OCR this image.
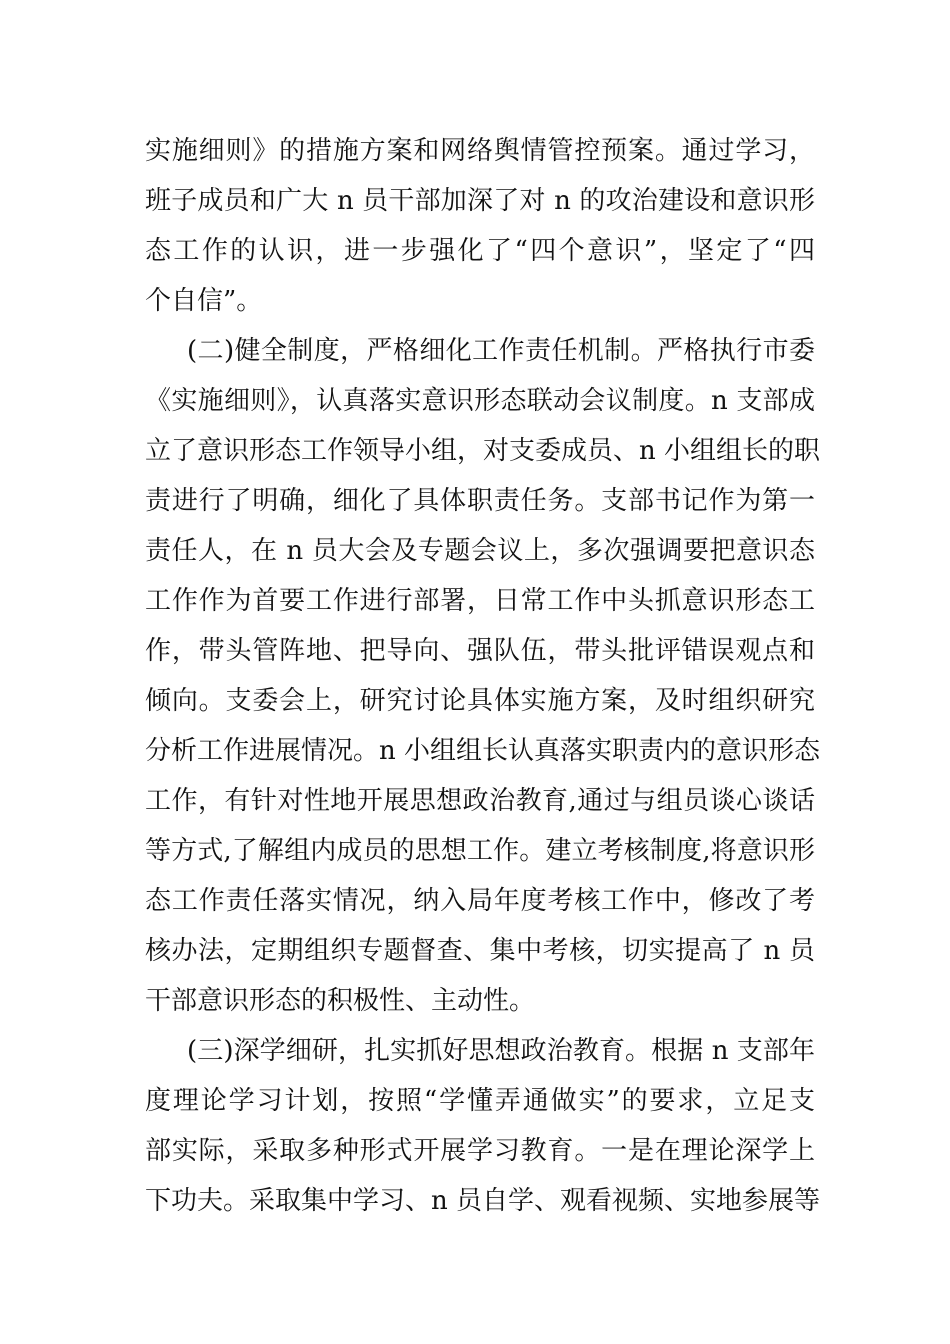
实施细则》的措施方案和网络舆情管控预案。通过学习，
班子成员和广大 n 员干部加深了对 n 的攻治建设和意识形
态工作的认识，进一步强化了“四个意识”，坚定了“四
个自信”。
(二)健全制度，严格细化工作责任机制。严格执行市委
《实施细则》，认真落实意识形态联动会议制度。n 支部成
立了意识形态工作领导小组，对支委成员、n 小组组长的职
责进行了明确，细化了具体职责任务。支部书记作为第一
责任人，在 n 员大会及专题会议上，多次强调要把意识态
工作作为首要工作进行部署，日常工作中头抓意识形态工
作，带头管阵地、把导向、强队伍，带头批评错误观点和
倾向。支委会上，研究讨论具体实施方案，及时组织研究
分析工作进展情况。n 小组组长认真落实职责内的意识形态
工作，有针对性地开展思想政治教育,通过与组员谈心谈话
等方式,了解组内成员的思想工作。建立考核制度,将意识形
态工作责任落实情况，纳入局年度考核工作中，修改了考
核办法，定期组织专题督查、集中考核，切实提高了 n 员
干部意识形态的积极性、主动性。
(三)深学细研，扎实抓好思想政治教育。根据 n 支部年
度理论学习计划，按照“学懂弄通做实”的要求，立足支
部实际，采取多种形式开展学习教育。一是在理论深学上
下功夫。采取集中学习、n 员自学、观看视频、实地参展等
